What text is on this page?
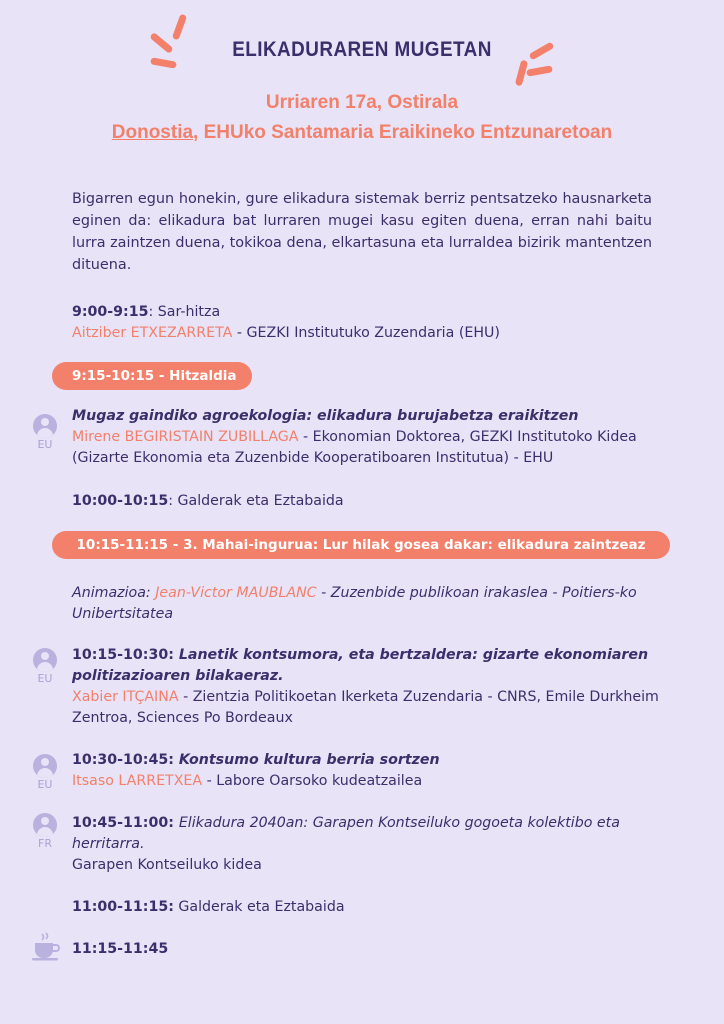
ELIKADURAREN MUGETAN
Urriaren 17a, Ostirala
Donostia, EHUko Santamaria Eraikineko Entzunaretoan
Bigarren egun honekin, gure elikadura sistemak berriz pentsatzeko hausnarketa eginen da: elikadura bat lurraren mugei kasu egiten duena, erran nahi baitu lurra zaintzen duena, tokikoa dena, elkartasuna eta lurraldea bizirik mantentzen dituena.
9:00-9:15: Sar-hitza
Aitziber ETXEZARRETA - GEZKI Institutuko Zuzendaria (EHU)
9:15-10:15 - Hitzaldia
EU
Mugaz gaindiko agroekologia: elikadura burujabetza eraikitzen
Mirene BEGIRISTAIN ZUBILLAGA - Ekonomian Doktorea, GEZKI Institutoko Kidea (Gizarte Ekonomia eta Zuzenbide Kooperatiboaren Institutua) - EHU
10:00-10:15: Galderak eta Eztabaida
10:15-11:15 - 3. Mahai-ingurua: Lur hilak gosea dakar: elikadura zaintzeaz
Animazioa: Jean-Victor MAUBLANC - Zuzenbide publikoan irakaslea - Poitiers-ko Unibertsitatea
EU
10:15-10:30: Lanetik kontsumora, eta bertzaldera: gizarte ekonomiaren politizazioaren bilakaeraz.
Xabier ITÇAINA - Zientzia Politikoetan Ikerketa Zuzendaria - CNRS, Emile Durkheim Zentroa, Sciences Po Bordeaux
EU
10:30-10:45: Kontsumo kultura berria sortzen
Itsaso LARRETXEA - Labore Oarsoko kudeatzailea
FR
10:45-11:00: Elikadura 2040an: Garapen Kontseiluko gogoeta kolektibo eta herritarra.
Garapen Kontseiluko kidea
11:00-11:15: Galderak eta Eztabaida
11:15-11:45
